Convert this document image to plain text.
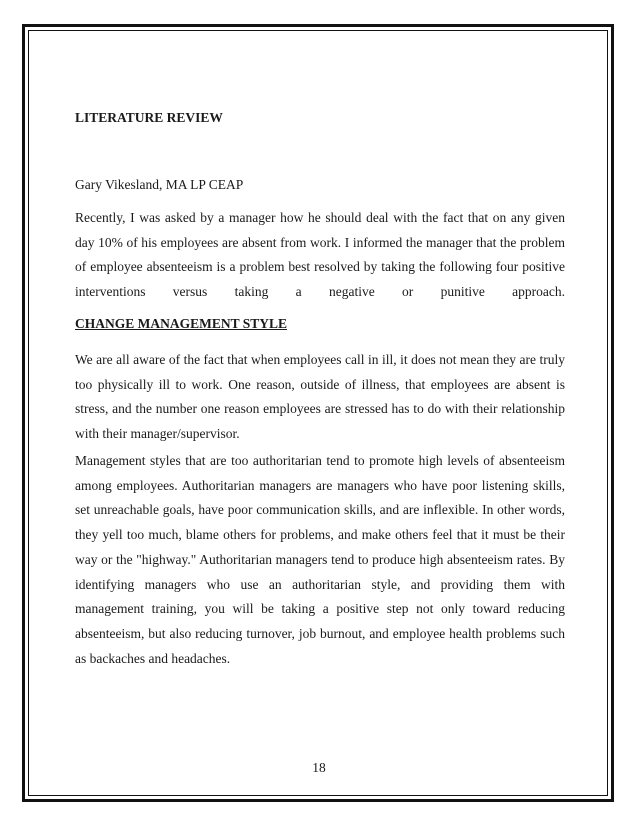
LITERATURE REVIEW

Gary Vikesland, MA LP CEAP

Recently, I was asked by a manager how he should deal with the fact that on any given day 10% of his employees are absent from work. I informed the manager that the problem of employee absenteeism is a problem best resolved by taking the following four positive interventions versus taking a negative or punitive approach.

CHANGE MANAGEMENT STYLE

We are all aware of the fact that when employees call in ill, it does not mean they are truly too physically ill to work. One reason, outside of illness, that employees are absent is stress, and the number one reason employees are stressed has to do with their relationship with their manager/supervisor.

Management styles that are too authoritarian tend to promote high levels of absenteeism among employees. Authoritarian managers are managers who have poor listening skills, set unreachable goals, have poor communication skills, and are inflexible. In other words, they yell too much, blame others for problems, and make others feel that it must be their way or the "highway." Authoritarian managers tend to produce high absenteeism rates. By identifying managers who use an authoritarian style, and providing them with management training, you will be taking a positive step not only toward reducing absenteeism, but also reducing turnover, job burnout, and employee health problems such as backaches and headaches.

18
